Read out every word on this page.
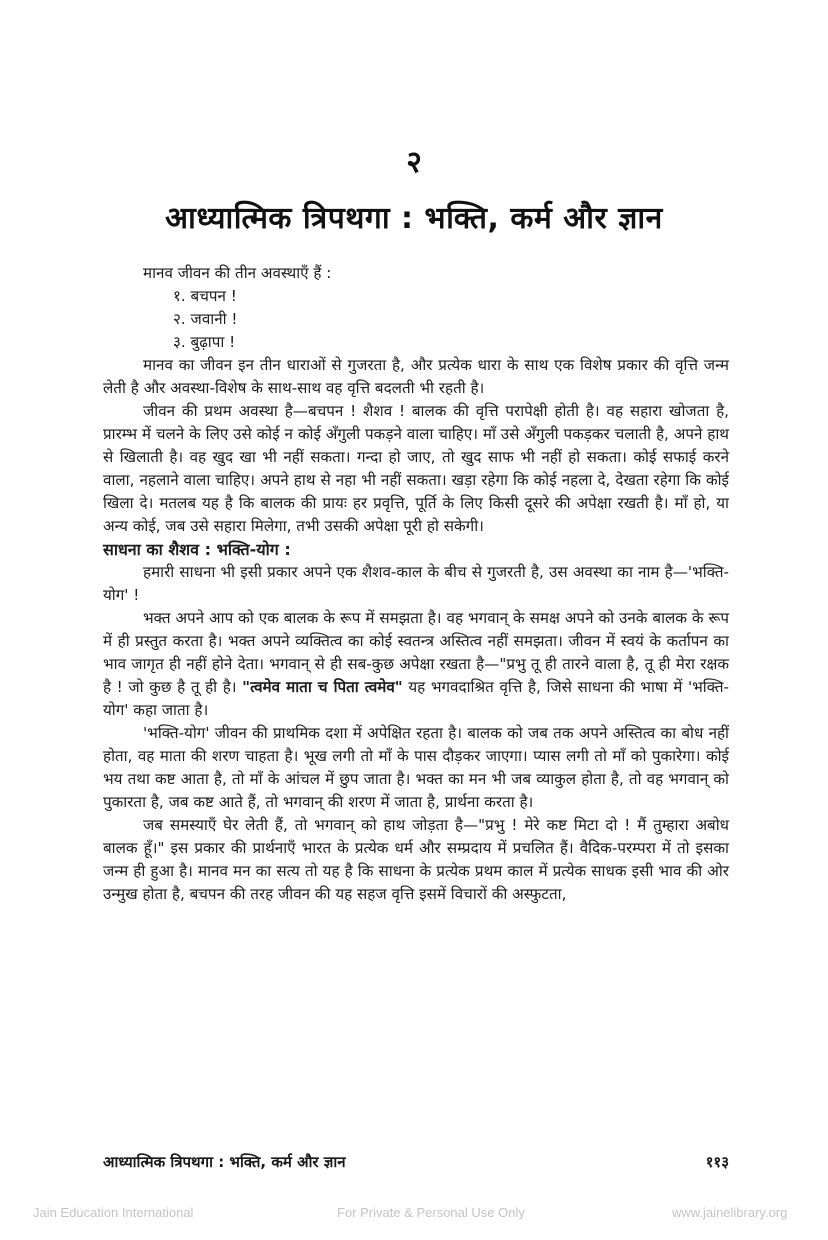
२
आध्यात्मिक त्रिपथगा : भक्ति, कर्म और ज्ञान

मानव जीवन की तीन अवस्थाएँ हैं :

१. बचपन !
२. जवानी !
३. बुढ़ापा !

मानव का जीवन इन तीन धाराओं से गुजरता है, और प्रत्येक धारा के साथ एक विशेष प्रकार की वृत्ति जन्म लेती है और अवस्था-विशेष के साथ-साथ वह वृत्ति बदलती भी रहती है।

जीवन की प्रथम अवस्था है—बचपन ! शैशव ! बालक की वृत्ति परापेक्षी होती है। वह सहारा खोजता है, प्रारम्भ में चलने के लिए उसे कोई न कोई अँगुली पकड़ने वाला चाहिए। माँ उसे अँगुली पकड़कर चलाती है, अपने हाथ से खिलाती है। वह खुद खा भी नहीं सकता। गन्दा हो जाए, तो खुद साफ भी नहीं हो सकता। कोई सफाई करने वाला, नहलाने वाला चाहिए। अपने हाथ से नहा भी नहीं सकता। खड़ा रहेगा कि कोई नहला दे, देखता रहेगा कि कोई खिला दे। मतलब यह है कि बालक की प्रायः हर प्रवृत्ति, पूर्ति के लिए किसी दूसरे की अपेक्षा रखती है। माँ हो, या अन्य कोई, जब उसे सहारा मिलेगा, तभी उसकी अपेक्षा पूरी हो सकेगी।

साधना का शैशव : भक्ति-योग :

हमारी साधना भी इसी प्रकार अपने एक शैशव-काल के बीच से गुजरती है, उस अवस्था का नाम है—'भक्ति-योग' !

भक्त अपने आप को एक बालक के रूप में समझता है। वह भगवान् के समक्ष अपने को उनके बालक के रूप में ही प्रस्तुत करता है। भक्त अपने व्यक्तित्व का कोई स्वतन्त्र अस्तित्व नहीं समझता। जीवन में स्वयं के कर्तापन का भाव जागृत ही नहीं होने देता। भगवान् से ही सब-कुछ अपेक्षा रखता है—"प्रभु तू ही तारने वाला है, तू ही मेरा रक्षक है ! जो कुछ है तू ही है। "त्वमेव माता च पिता त्वमेव" यह भगवदाश्रित वृत्ति है, जिसे साधना की भाषा में 'भक्ति-योग' कहा जाता है।

'भक्ति-योग' जीवन की प्राथमिक दशा में अपेक्षित रहता है। बालक को जब तक अपने अस्तित्व का बोध नहीं होता, वह माता की शरण चाहता है। भूख लगी तो माँ के पास दौड़कर जाएगा। प्यास लगी तो माँ को पुकारेगा। कोई भय तथा कष्ट आता है, तो माँ के आंचल में छुप जाता है। भक्त का मन भी जब व्याकुल होता है, तो वह भगवान् को पुकारता है, जब कष्ट आते हैं, तो भगवान् की शरण में जाता है, प्रार्थना करता है।

जब समस्याएँ घेर लेती हैं, तो भगवान् को हाथ जोड़ता है—"प्रभु ! मेरे कष्ट मिटा दो ! मैं तुम्हारा अबोध बालक हूँ।" इस प्रकार की प्रार्थनाएँ भारत के प्रत्येक धर्म और सम्प्रदाय में प्रचलित हैं। वैदिक-परम्परा में तो इसका जन्म ही हुआ है। मानव मन का सत्य तो यह है कि साधना के प्रत्येक प्रथम काल में प्रत्येक साधक इसी भाव की ओर उन्मुख होता है, बचपन की तरह जीवन की यह सहज वृत्ति इसमें विचारों की अस्फुटता,

आध्यात्मिक त्रिपथगा : भक्ति, कर्म और ज्ञान	११३
Jain Education International	For Private & Personal Use Only	www.jainelibrary.org
